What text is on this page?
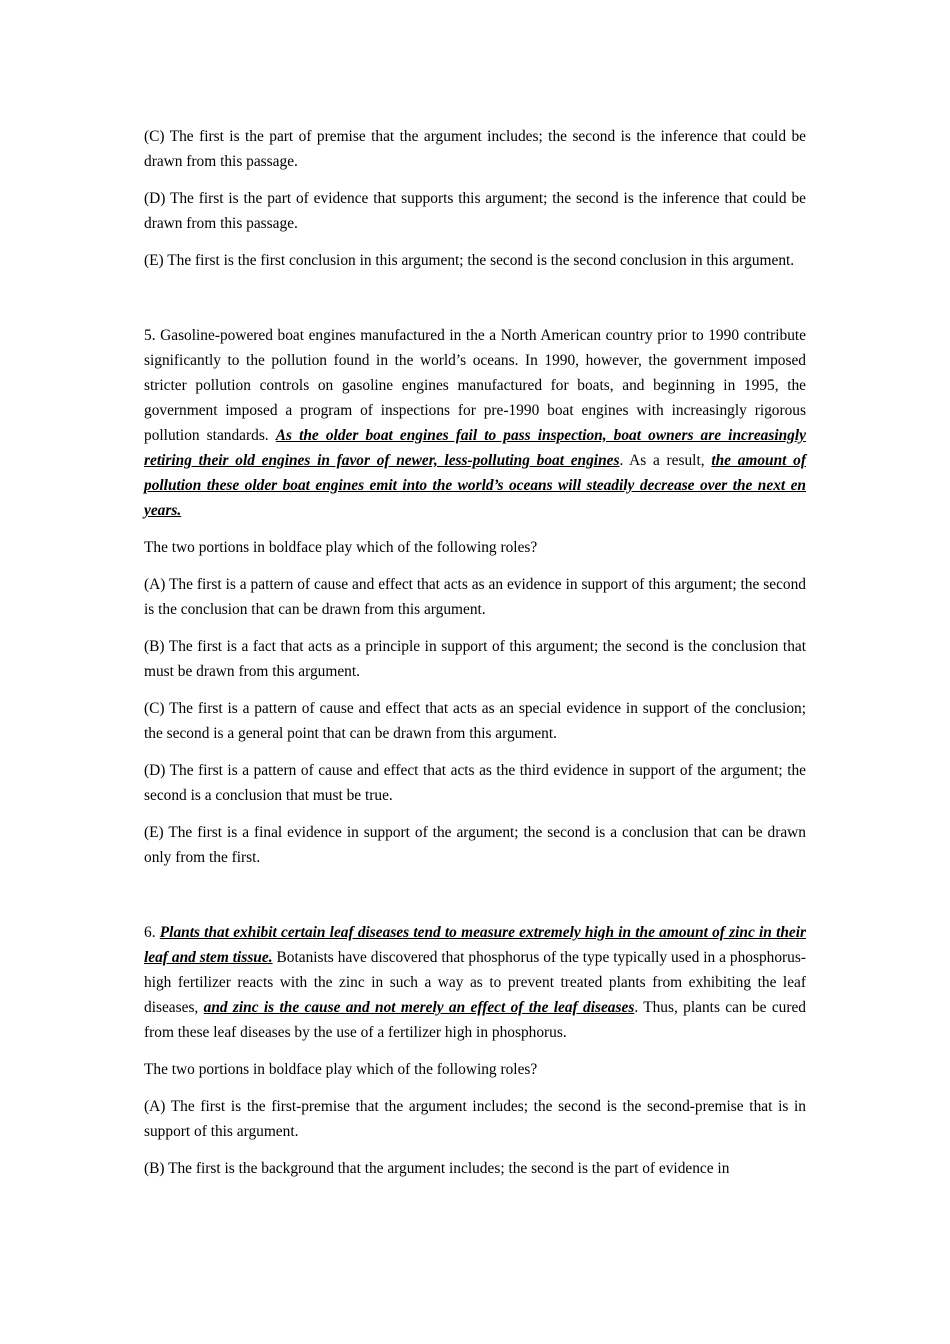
(C) The first is the part of premise that the argument includes; the second is the inference that could be drawn from this passage.

(D) The first is the part of evidence that supports this argument; the second is the inference that could be drawn from this passage.

(E) The first is the first conclusion in this argument; the second is the second conclusion in this argument.

5. Gasoline-powered boat engines manufactured in the a North American country prior to 1990 contribute significantly to the pollution found in the world’s oceans. In 1990, however, the government imposed stricter pollution controls on gasoline engines manufactured for boats, and beginning in 1995, the government imposed a program of inspections for pre-1990 boat engines with increasingly rigorous pollution standards. As the older boat engines fail to pass inspection, boat owners are increasingly retiring their old engines in favor of newer, less-polluting boat engines. As a result, the amount of pollution these older boat engines emit into the world’s oceans will steadily decrease over the next en years.

The two portions in boldface play which of the following roles?

(A) The first is a pattern of cause and effect that acts as an evidence in support of this argument; the second is the conclusion that can be drawn from this argument.

(B) The first is a fact that acts as a principle in support of this argument; the second is the conclusion that must be drawn from this argument.

(C) The first is a pattern of cause and effect that acts as an special evidence in support of the conclusion; the second is a general point that can be drawn from this argument.

(D) The first is a pattern of cause and effect that acts as the third evidence in support of the argument; the second is a conclusion that must be true.

(E) The first is a final evidence in support of the argument; the second is a conclusion that can be drawn only from the first.

6. Plants that exhibit certain leaf diseases tend to measure extremely high in the amount of zinc in their leaf and stem tissue. Botanists have discovered that phosphorus of the type typically used in a phosphorus-high fertilizer reacts with the zinc in such a way as to prevent treated plants from exhibiting the leaf diseases, and zinc is the cause and not merely an effect of the leaf diseases. Thus, plants can be cured from these leaf diseases by the use of a fertilizer high in phosphorus.

The two portions in boldface play which of the following roles?

(A) The first is the first-premise that the argument includes; the second is the second-premise that is in support of this argument.

(B) The first is the background that the argument includes; the second is the part of evidence in
